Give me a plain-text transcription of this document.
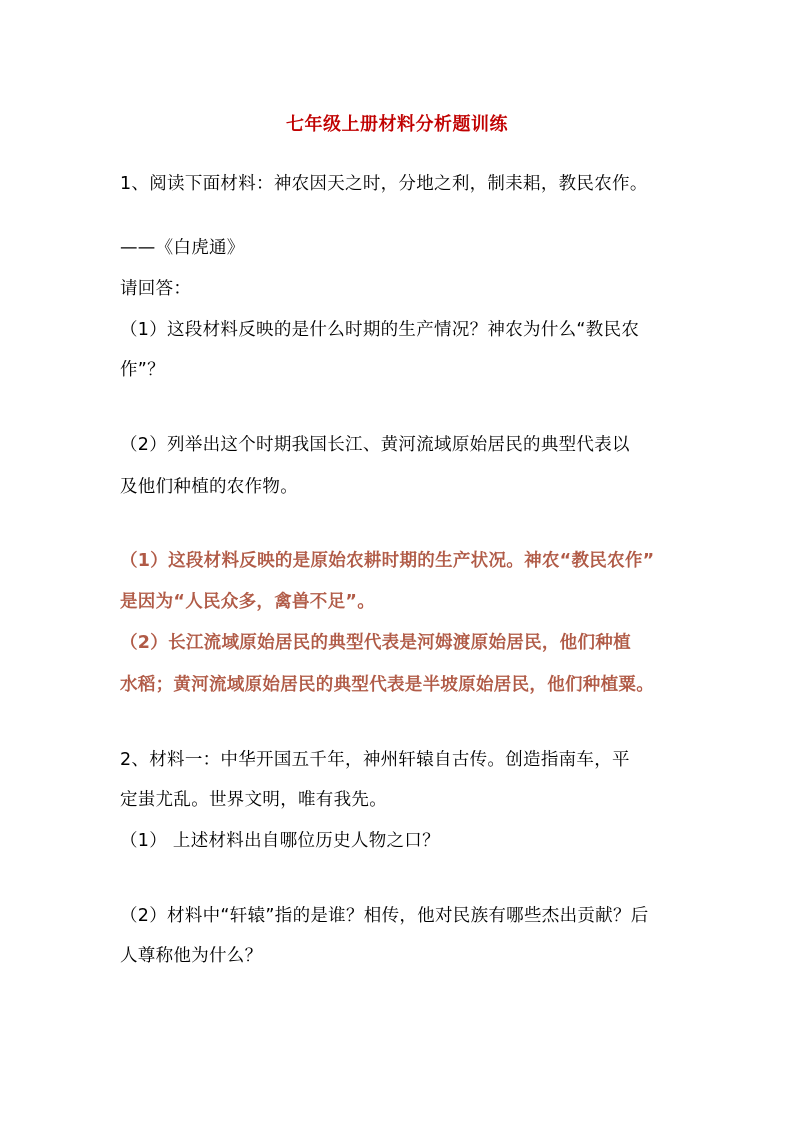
七年级上册材料分析题训练
1、阅读下面材料：神农因天之时，分地之利，制耒耜，教民农作。
——《白虎通》
请回答：
（1）这段材料反映的是什么时期的生产情况？神农为什么“教民农
作”？
（2）列举出这个时期我国长江、黄河流域原始居民的典型代表以
及他们种植的农作物。
（1）这段材料反映的是原始农耕时期的生产状况。神农“教民农作”
是因为“人民众多，禽兽不足”。
（2）长江流域原始居民的典型代表是河姆渡原始居民，他们种植
水稻；黄河流域原始居民的典型代表是半坡原始居民，他们种植粟。
2、材料一：中华开国五千年，神州轩辕自古传。创造指南车，平
定蚩尤乱。世界文明，唯有我先。
（1） 上述材料出自哪位历史人物之口？
（2）材料中“轩辕”指的是谁？相传，他对民族有哪些杰出贡献？后
人尊称他为什么？
